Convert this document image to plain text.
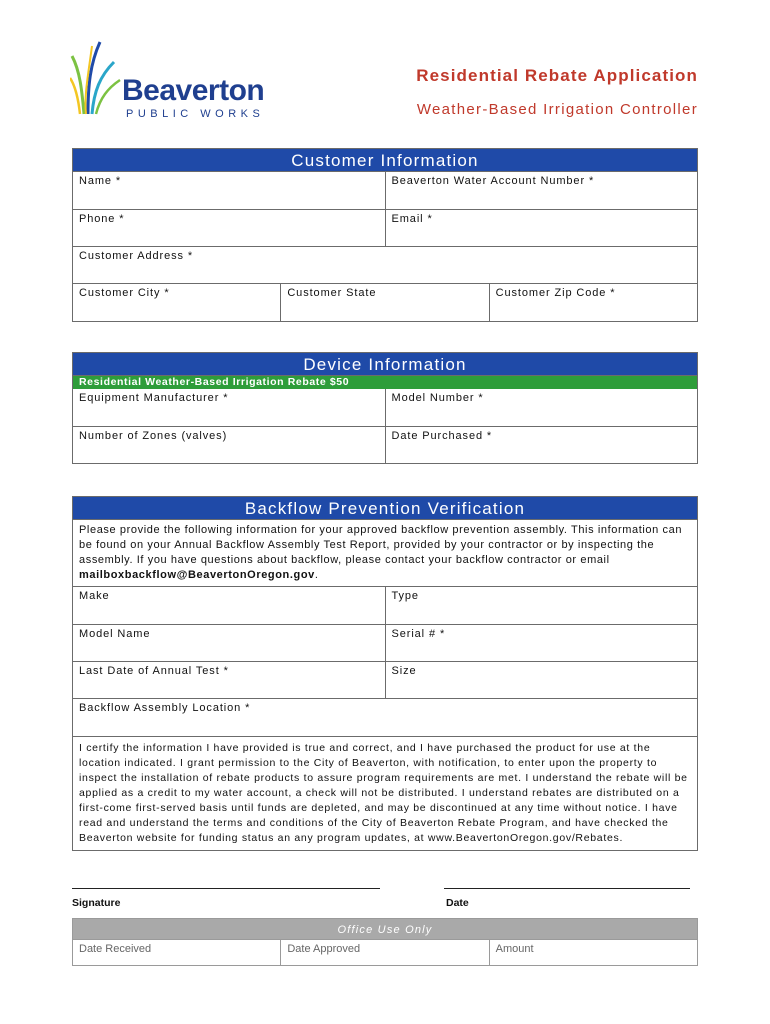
Beaverton
PUBLIC WORKS
Residential Rebate Application
Weather-Based Irrigation Controller
Customer Information
Name *	Beaverton Water Account Number *
Phone *	Email *
Customer Address *
Customer City *	Customer State	Customer Zip Code *
Device Information
Residential Weather-Based Irrigation Rebate $50
Equipment Manufacturer *	Model Number *
Number of Zones (valves)	Date Purchased *
Backflow Prevention Verification
Please provide the following information for your approved backflow prevention assembly. This information can be found on your Annual Backflow Assembly Test Report, provided by your contractor or by inspecting the assembly. If you have questions about backflow, please contact your backflow contractor or email mailboxbackflow@BeavertonOregon.gov.
Make	Type
Model Name	Serial # *
Last Date of Annual Test *	Size
Backflow Assembly Location *
I certify the information I have provided is true and correct, and I have purchased the product for use at the location indicated. I grant permission to the City of Beaverton, with notification, to enter upon the property to inspect the installation of rebate products to assure program requirements are met. I understand the rebate will be applied as a credit to my water account, a check will not be distributed. I understand rebates are distributed on a first-come first-served basis until funds are depleted, and may be discontinued at any time without notice. I have read and understand the terms and conditions of the City of Beaverton Rebate Program, and have checked the Beaverton website for funding status an any program updates, at www.BeavertonOregon.gov/Rebates.
Signature	Date
Office Use Only
Date Received	Date Approved	Amount
